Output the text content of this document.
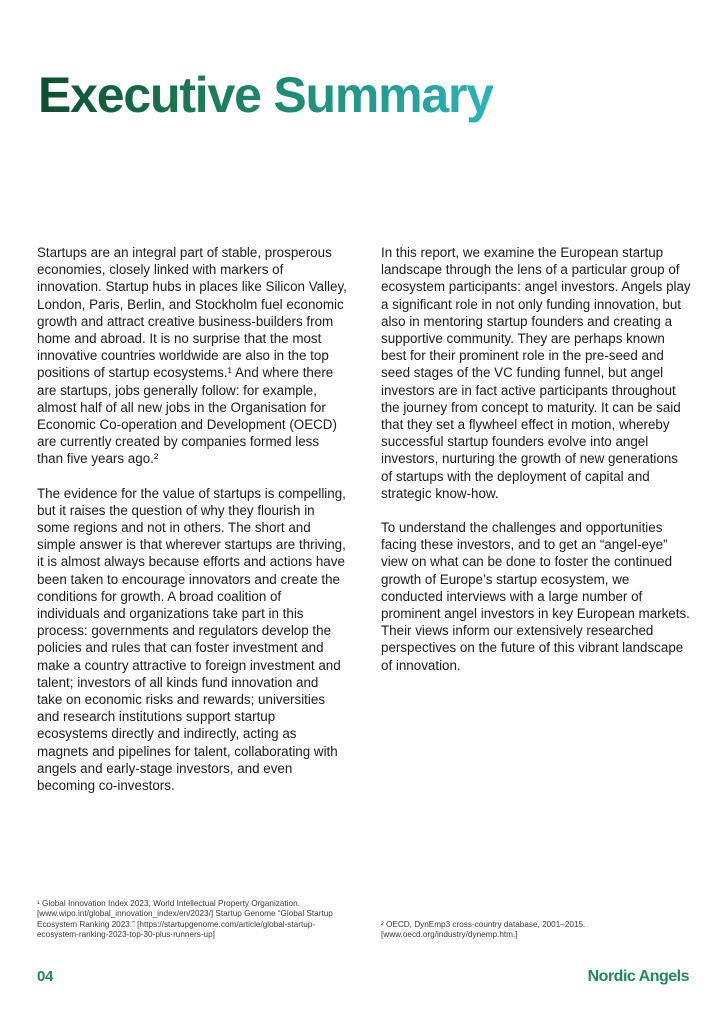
Executive Summary

Startups are an integral part of stable, prosperous economies, closely linked with markers of innovation. Startup hubs in places like Silicon Valley, London, Paris, Berlin, and Stockholm fuel economic growth and attract creative business-builders from home and abroad. It is no surprise that the most innovative countries worldwide are also in the top positions of startup ecosystems.¹ And where there are startups, jobs generally follow: for example, almost half of all new jobs in the Organisation for Economic Co-operation and Development (OECD) are currently created by companies formed less than five years ago.²

The evidence for the value of startups is compelling, but it raises the question of why they flourish in some regions and not in others. The short and simple answer is that wherever startups are thriving, it is almost always because efforts and actions have been taken to encourage innovators and create the conditions for growth. A broad coalition of individuals and organizations take part in this process: governments and regulators develop the policies and rules that can foster investment and make a country attractive to foreign investment and talent; investors of all kinds fund innovation and take on economic risks and rewards; universities and research institutions support startup ecosystems directly and indirectly, acting as magnets and pipelines for talent, collaborating with angels and early-stage investors, and even becoming co-investors.

In this report, we examine the European startup landscape through the lens of a particular group of ecosystem participants: angel investors. Angels play a significant role in not only funding innovation, but also in mentoring startup founders and creating a supportive community. They are perhaps known best for their prominent role in the pre-seed and seed stages of the VC funding funnel, but angel investors are in fact active participants throughout the journey from concept to maturity. It can be said that they set a flywheel effect in motion, whereby successful startup founders evolve into angel investors, nurturing the growth of new generations of startups with the deployment of capital and strategic know-how.

To understand the challenges and opportunities facing these investors, and to get an “angel-eye” view on what can be done to foster the continued growth of Europe’s startup ecosystem, we conducted interviews with a large number of prominent angel investors in key European markets. Their views inform our extensively researched perspectives on the future of this vibrant landscape of innovation.

¹ Global Innovation Index 2023, World Intellectual Property Organization. [www.wipo.int/global_innovation_index/en/2023/] Startup Genome “Global Startup Ecosystem Ranking 2023.” [https://startupgenome.com/article/global-startup-ecosystem-ranking-2023-top-30-plus-runners-up]
² OECD, DynEmp3 cross-country database, 2001–2015. [www.oecd.org/industry/dynemp.htm.]
04	Nordic Angels
